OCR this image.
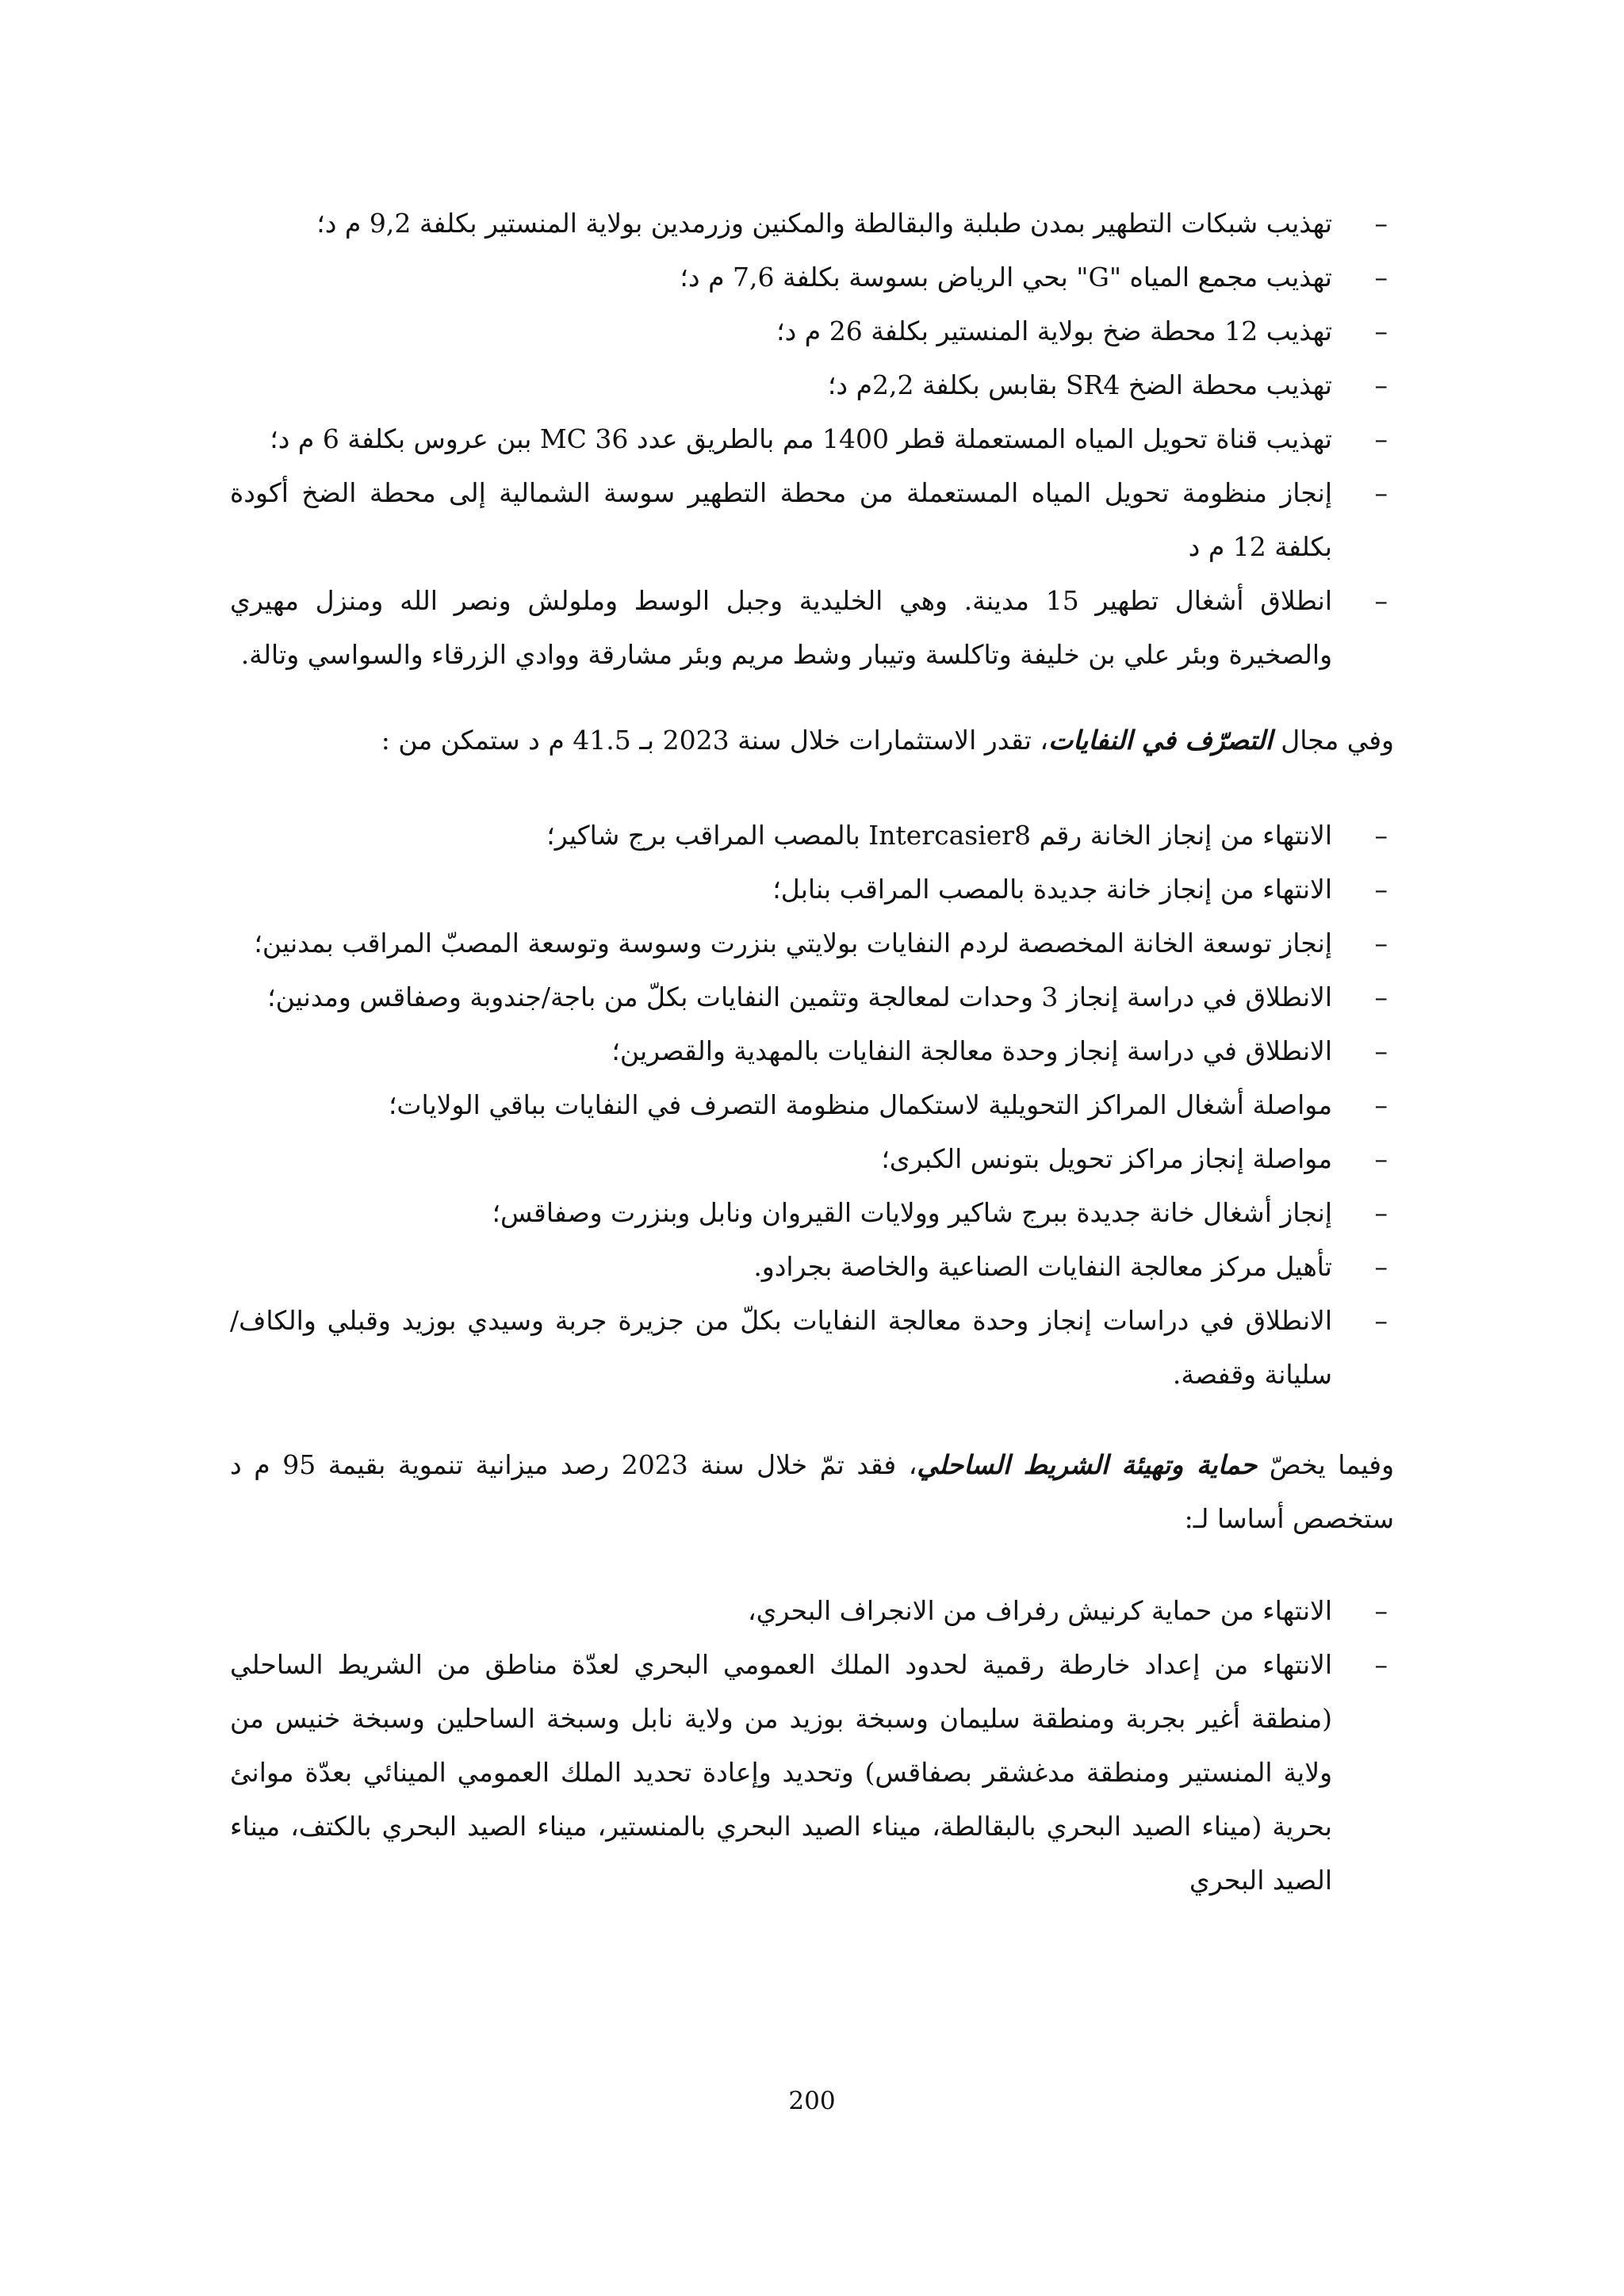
–
تهذيب شبكات التطهير بمدن طبلبة والبقالطة والمكنين وزرمدين بولاية المنستير بكلفة 9,2 م د؛
–
تهذيب مجمع المياه "G" بحي الرياض بسوسة بكلفة 7,6 م د؛
–
تهذيب 12 محطة ضخ بولاية المنستير بكلفة 26 م د؛
–
تهذيب محطة الضخ SR4 بقابس بكلفة 2,2م د؛
–
تهذيب قناة تحويل المياه المستعملة قطر 1400 مم بالطريق عدد MC 36 ببن عروس بكلفة 6 م د؛
–
إنجاز منظومة تحويل المياه المستعملة من محطة التطهير سوسة الشمالية إلى محطة الضخ أكودة بكلفة 12 م د
–
انطلاق أشغال تطهير 15 مدينة. وهي الخليدية وجبل الوسط وملولش ونصر الله ومنزل مهيري والصخيرة وبئر علي بن خليفة وتاكلسة وتيبار وشط مريم وبئر مشارقة ووادي الزرقاء والسواسي وتالة.

وفي مجال التصرّف في النفايات، تقدر الاستثمارات خلال سنة 2023 بـ 41.5 م د ستمكن من :

–
الانتهاء من إنجاز الخانة رقم Intercasier8 بالمصب المراقب برج شاكير؛
–
الانتهاء من إنجاز خانة جديدة بالمصب المراقب بنابل؛
–
إنجاز توسعة الخانة المخصصة لردم النفايات بولايتي بنزرت وسوسة وتوسعة المصبّ المراقب بمدنين؛
–
الانطلاق في دراسة إنجاز 3 وحدات لمعالجة وتثمين النفايات بكلّ من باجة/جندوبة وصفاقس ومدنين؛
–
الانطلاق في دراسة إنجاز وحدة معالجة النفايات بالمهدية والقصرين؛
–
مواصلة أشغال المراكز التحويلية لاستكمال منظومة التصرف في النفايات بباقي الولايات؛
–
مواصلة إنجاز مراكز تحويل بتونس الكبرى؛
–
إنجاز أشغال خانة جديدة ببرج شاكير وولايات القيروان ونابل وبنزرت وصفاقس؛
–
تأهيل مركز معالجة النفايات الصناعية والخاصة بجرادو.
–
الانطلاق في دراسات إنجاز وحدة معالجة النفايات بكلّ من جزيرة جربة وسيدي بوزيد وقبلي والكاف/سليانة وقفصة.

وفيما يخصّ حماية وتهيئة الشريط الساحلي، فقد تمّ خلال سنة 2023 رصد ميزانية تنموية بقيمة 95 م د ستخصص أساسا لـ:

–
الانتهاء من حماية كرنيش رفراف من الانجراف البحري،
–
الانتهاء من إعداد خارطة رقمية لحدود الملك العمومي البحري لعدّة مناطق من الشريط الساحلي (منطقة أغير بجربة ومنطقة سليمان وسبخة بوزيد من ولاية نابل وسبخة الساحلين وسبخة خنيس من ولاية المنستير ومنطقة مدغشقر بصفاقس) وتحديد وإعادة تحديد الملك العمومي المينائي بعدّة موانئ بحرية (ميناء الصيد البحري بالبقالطة، ميناء الصيد البحري بالمنستير، ميناء الصيد البحري بالكتف، ميناء الصيد البحري
200
